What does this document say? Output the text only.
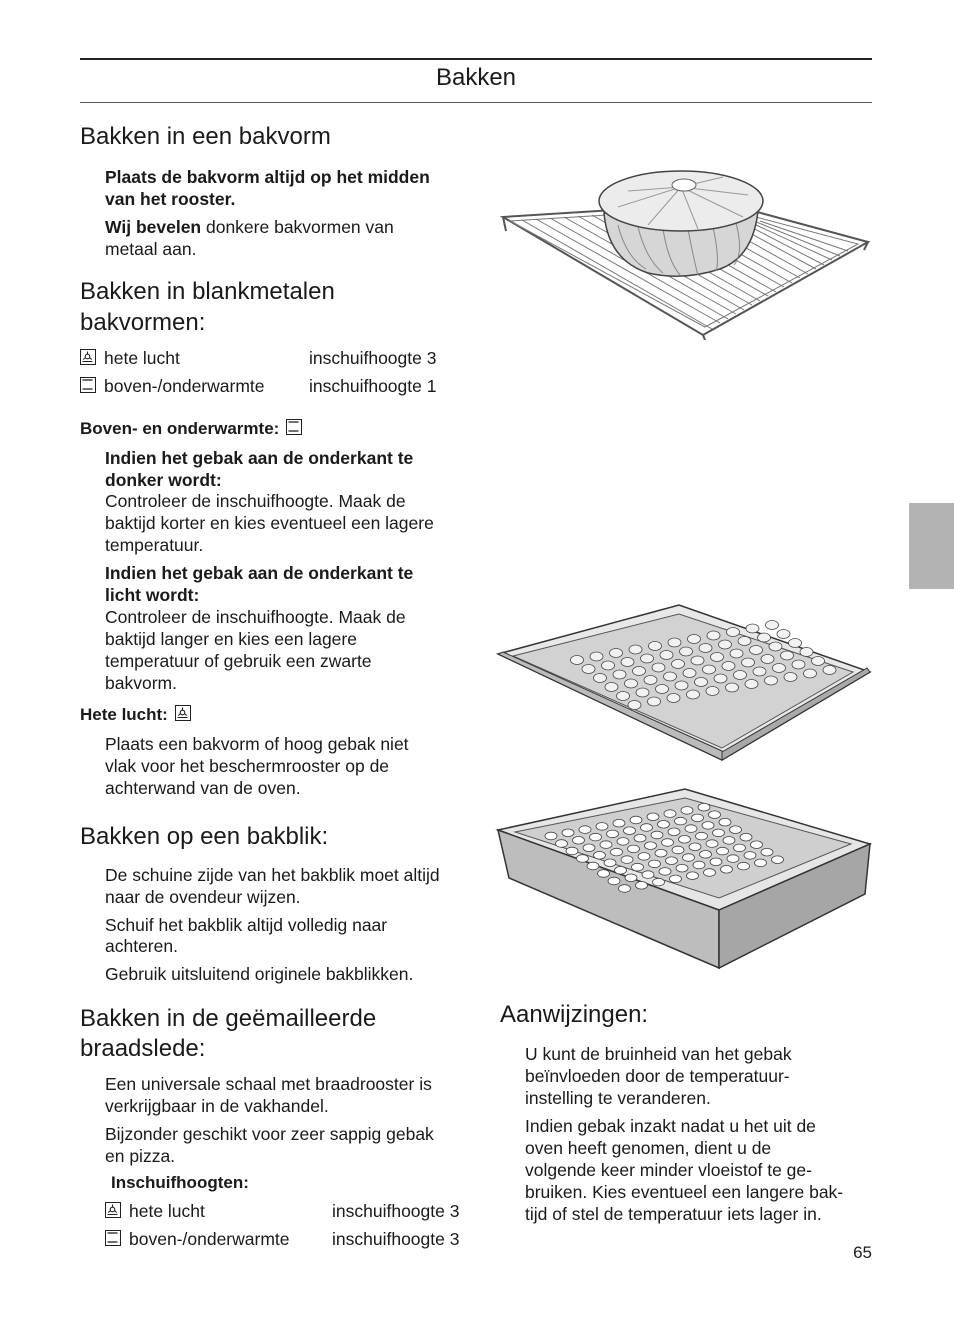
Bakken
Bakken in een bakvorm

Plaats de bakvorm altijd op het midden

van het rooster.

Wij bevelen donkere bakvormen van

metaal aan.

Bakken in blankmetalen
bakvormen:
hete lucht	inschuifhoogte 3
boven-/onderwarmte	inschuifhoogte 1
Boven- en onderwarmte:

Indien het gebak aan de onderkant te

donker wordt:

Controleer de inschuifhoogte. Maak de

baktijd korter en kies eventueel een lagere

temperatuur.

Indien het gebak aan de onderkant te

licht wordt:

Controleer de inschuifhoogte. Maak de

baktijd langer en kies een lagere

temperatuur of gebruik een zwarte

bakvorm.

Hete lucht:

Plaats een bakvorm of hoog gebak niet

vlak voor het beschermrooster op de

achterwand van de oven.

Bakken op een bakblik:

De schuine zijde van het bakblik moet altijd

naar de ovendeur wijzen.

Schuif het bakblik altijd volledig naar

achteren.

Gebruik uitsluitend originele bakblikken.

Bakken in de geëmailleerde
braadslede:

Een universale schaal met braadrooster is

verkrijgbaar in de vakhandel.

Bijzonder geschikt voor zeer sappig gebak

en pizza.

Inschuifhoogten:
hete lucht	inschuifhoogte 3
boven-/onderwarmte inschuifhoogte 3
Aanwijzingen:

U kunt de bruinheid van het gebak

beïnvloeden door de temperatuur-

instelling te veranderen.

Indien gebak inzakt nadat u het uit de

oven heeft genomen, dient u de

volgende keer minder vloeistof te ge-

bruiken. Kies eventueel een langere bak-

tijd of stel de temperatuur iets lager in.

65
